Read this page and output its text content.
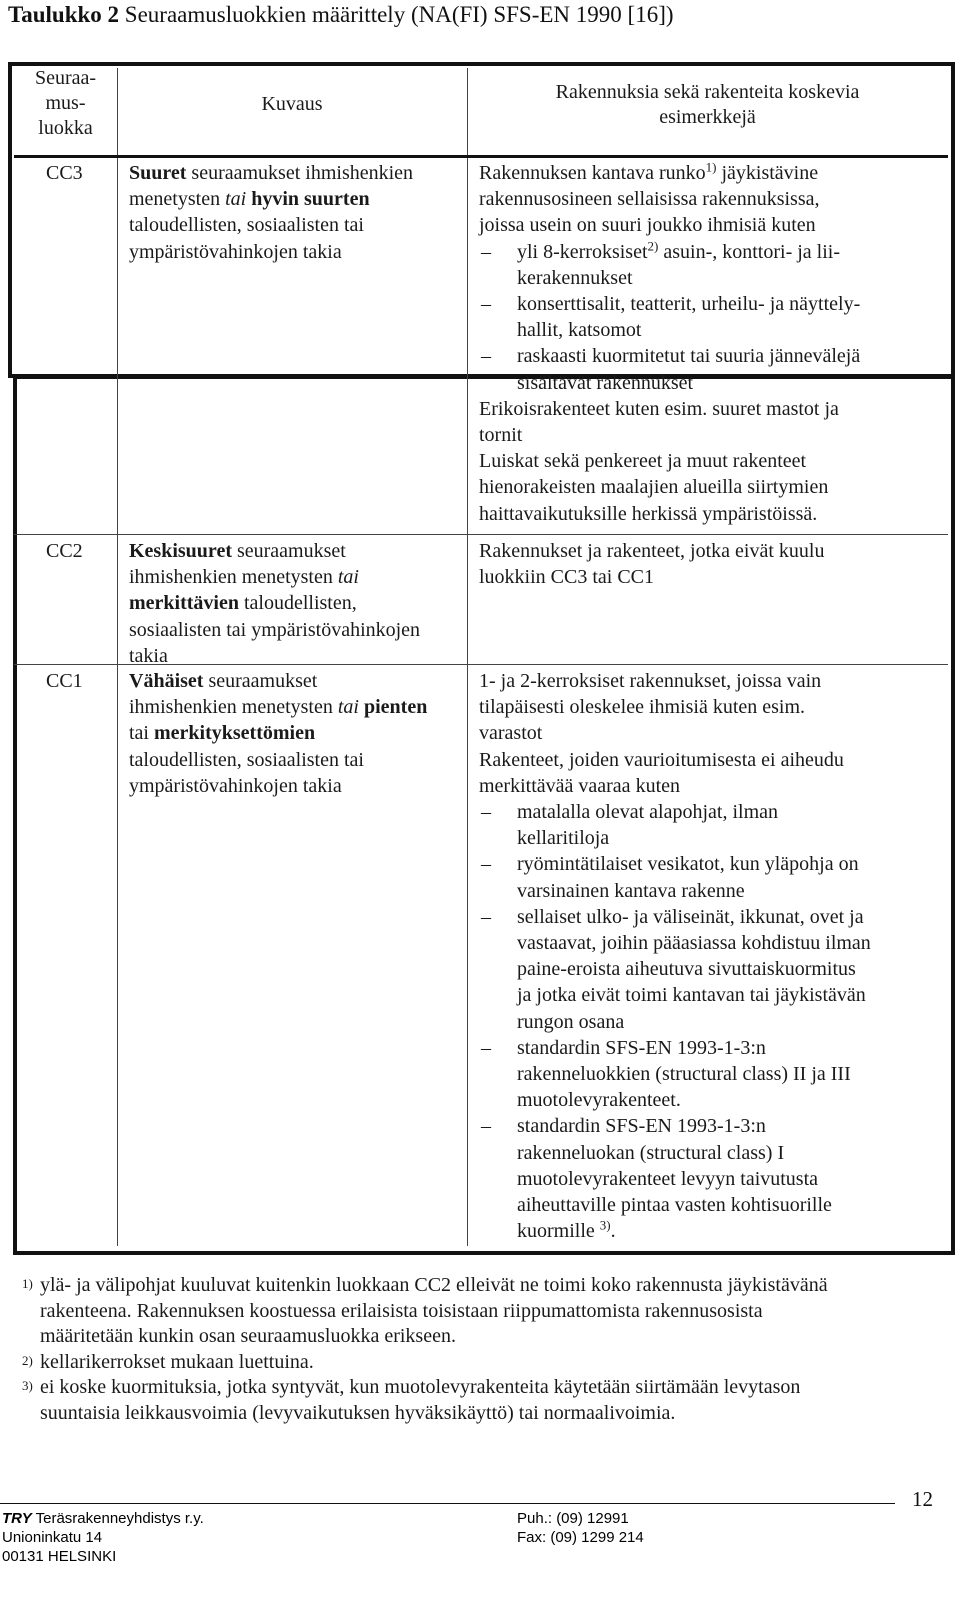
Taulukko 2 Seuraamusluokkien määrittely (NA(FI) SFS-EN 1990 [16])
Seuraa-
mus-
luokka
Kuvaus
Rakennuksia sekä rakenteita koskevia
esimerkkejä
CC3 Suuret seuraamukset ihmishenkien
menetysten tai hyvin suurten
taloudellisten, sosiaalisten tai
ympäristövahinkojen takia
Rakennuksen kantava runko$^{1)}$ jäykistävine
rakennusosineen sellaisissa rakennuksissa,
joissa usein on suuri joukko ihmisiä kuten
– yli 8-kerroksiset$^{2)}$ asuin-, konttori- ja lii-
kerakennukset
– konserttisalit, teatterit, urheilu- ja näyttely-
hallit, katsomot
– raskaasti kuormitetut tai suuria jännevälejä
sisältävät rakennukset
Erikoisrakenteet kuten esim. suuret mastot ja
tornit
Luiskat sekä penkereet ja muut rakenteet
hienorakeisten maalajien alueilla siirtymien
haittavaikutuksille herkissä ympäristöissä.
CC2 Keskisuuret seuraamukset
ihmishenkien menetysten tai
merkittävien taloudellisten,
sosiaalisten tai ympäristövahinkojen
takia
Rakennukset ja rakenteet, jotka eivät kuulu
luokkiin CC3 tai CC1
CC1 Vähäiset seuraamukset
ihmishenkien menetysten tai pienten
tai merkityksettömien
taloudellisten, sosiaalisten tai
ympäristövahinkojen takia
1- ja 2-kerroksiset rakennukset, joissa vain
tilapäisesti oleskelee ihmisiä kuten esim.
varastot
Rakenteet, joiden vaurioitumisesta ei aiheudu
merkittävää vaaraa kuten
– matalalla olevat alapohjat, ilman
kellaritiloja
– ryömintätilaiset vesikatot, kun yläpohja on
varsinainen kantava rakenne
– sellaiset ulko- ja väliseinät, ikkunat, ovet ja
vastaavat, joihin pääasiassa kohdistuu ilman
paine-eroista aiheutuva sivuttaiskuormitus
ja jotka eivät toimi kantavan tai jäykistävän
rungon osana
– standardin SFS-EN 1993-1-3:n
rakenneluokkien (structural class) II ja III
muotolevyrakenteet.
– standardin SFS-EN 1993-1-3:n
rakenneluokan (structural class) I
muotolevyrakenteet levyyn taivutusta
aiheuttaville pintaa vasten kohtisuorille
kuormille $^{3)}$.
1) ylä- ja välipohjat kuuluvat kuitenkin luokkaan CC2 elleivät ne toimi koko rakennusta jäykistävänä
rakenteena. Rakennuksen koostuessa erilaisista toisistaan riippumattomista rakennusosista
määritetään kunkin osan seuraamusluokka erikseen.
2) kellarikerrokset mukaan luettuina.
3) ei koske kuormituksia, jotka syntyvät, kun muotolevyrakenteita käytetään siirtämään levytason
suuntaisia leikkausvoimia (levyvaikutuksen hyväksikäyttö) tai normaalivoimia.
12
TRY Teräsrakenneyhdistys r.y.
Unioninkatu 14
00131 HELSINKI
Puh.: (09) 12991
Fax: (09) 1299 214
